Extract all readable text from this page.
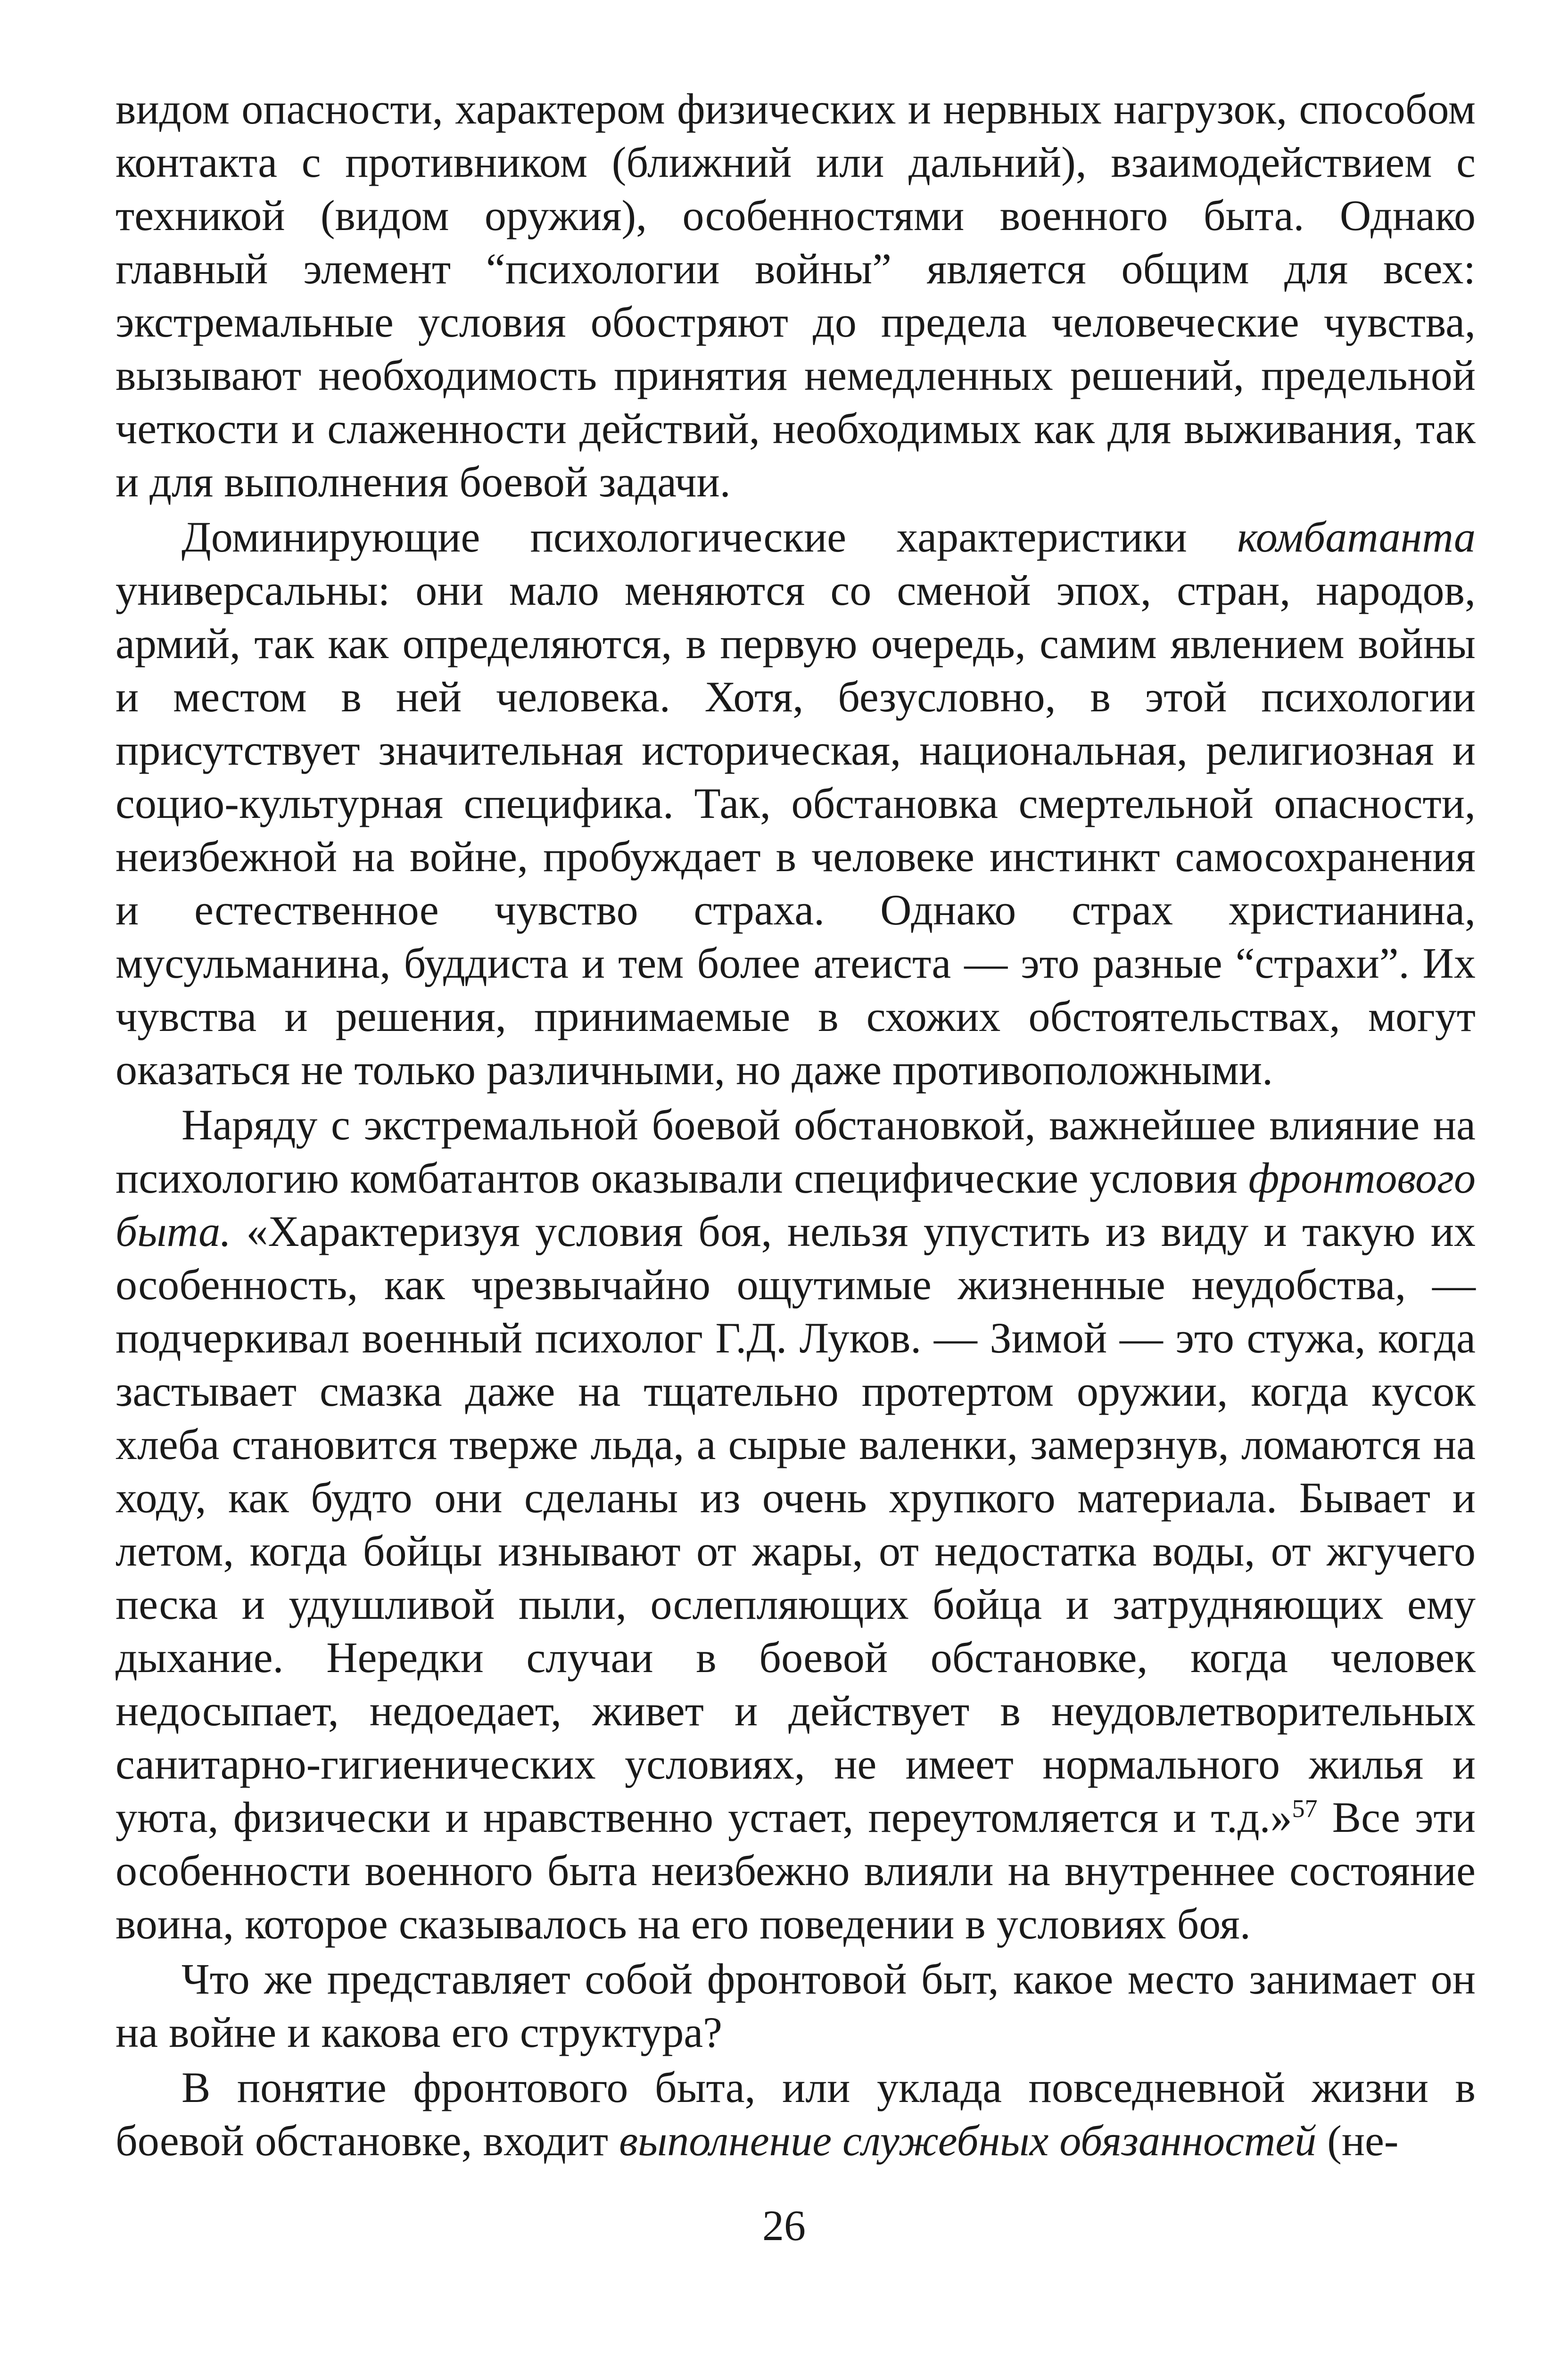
видом опасности, характером физических и нервных нагрузок, способом контакта с противником (ближний или дальний), взаимодействием с техникой (видом оружия), особенностями военного быта. Однако главный элемент “психологии войны” является общим для всех: экстремальные условия обостряют до предела человеческие чувства, вызывают необходимость принятия немедленных решений, предельной четкости и слаженности действий, необходимых как для выживания, так и для выполнения боевой задачи.

Доминирующие психологические характеристики комбатанта универсальны: они мало меняются со сменой эпох, стран, народов, армий, так как определяются, в первую очередь, самим явлением войны и местом в ней человека. Хотя, безусловно, в этой психологии присутствует значительная историческая, национальная, религиозная и социо-культурная специфика. Так, обстановка смертельной опасности, неизбежной на войне, пробуждает в человеке инстинкт самосохранения и естественное чувство страха. Однако страх христианина, мусульманина, буддиста и тем более атеиста — это разные “страхи”. Их чувства и решения, принимаемые в схожих обстоятельствах, могут оказаться не только различными, но даже противоположными.

Наряду с экстремальной боевой обстановкой, важнейшее влияние на психологию комбатантов оказывали специфические условия фронтового быта. «Характеризуя условия боя, нельзя упустить из виду и такую их особенность, как чрезвычайно ощутимые жизненные неудобства, — подчеркивал военный психолог Г.Д. Луков. — Зимой — это стужа, когда застывает смазка даже на тщательно протертом оружии, когда кусок хлеба становится тверже льда, а сырые валенки, замерзнув, ломаются на ходу, как будто они сделаны из очень хрупкого материала. Бывает и летом, когда бойцы изнывают от жары, от недостатка воды, от жгучего песка и удушливой пыли, ослепляющих бойца и затрудняющих ему дыхание. Нередки случаи в боевой обстановке, когда человек недосыпает, недоедает, живет и действует в неудовлетворительных санитарно-гигиенических условиях, не имеет нормального жилья и уюта, физически и нравственно устает, переутомляется и т.д.»$^{57}$ Все эти особенности военного быта неизбежно влияли на внутреннее состояние воина, которое сказывалось на его поведении в условиях боя.

Что же представляет собой фронтовой быт, какое место занимает он на войне и какова его структура?

В понятие фронтового быта, или уклада повседневной жизни в боевой обстановке, входит выполнение служебных обязанностей (не-

26
